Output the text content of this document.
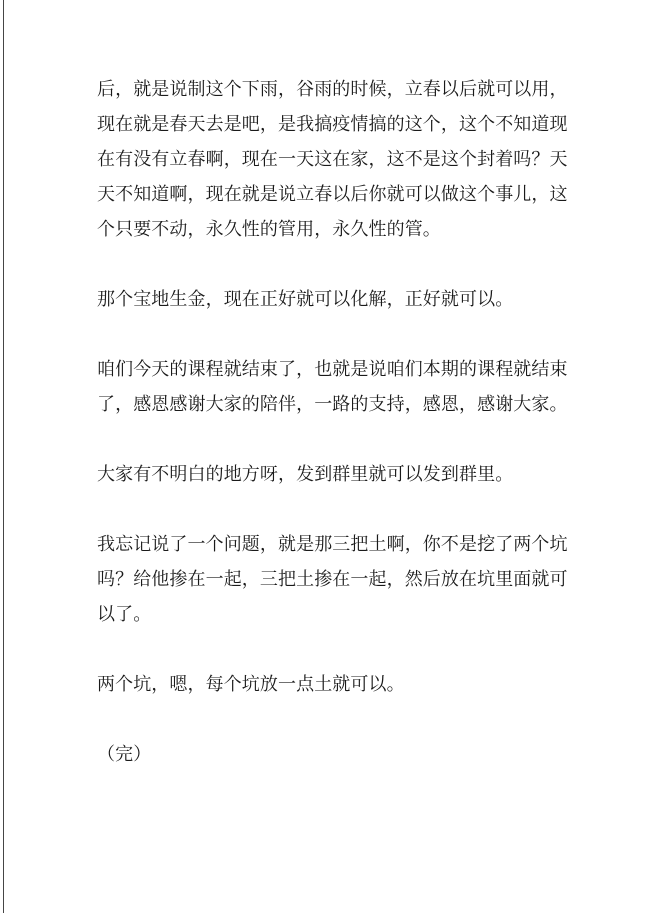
后，就是说制这个下雨，谷雨的时候，立春以后就可以用，
现在就是春天去是吧，是我搞疫情搞的这个，这个不知道现
在有没有立春啊，现在一天这在家，这不是这个封着吗？天
天不知道啊，现在就是说立春以后你就可以做这个事儿，这
个只要不动，永久性的管用，永久性的管。
那个宝地生金，现在正好就可以化解，正好就可以。
咱们今天的课程就结束了，也就是说咱们本期的课程就结束
了，感恩感谢大家的陪伴，一路的支持，感恩，感谢大家。
大家有不明白的地方呀，发到群里就可以发到群里。
我忘记说了一个问题，就是那三把土啊，你不是挖了两个坑
吗？给他掺在一起，三把土掺在一起，然后放在坑里面就可
以了。
两个坑，嗯，每个坑放一点土就可以。
（完）
